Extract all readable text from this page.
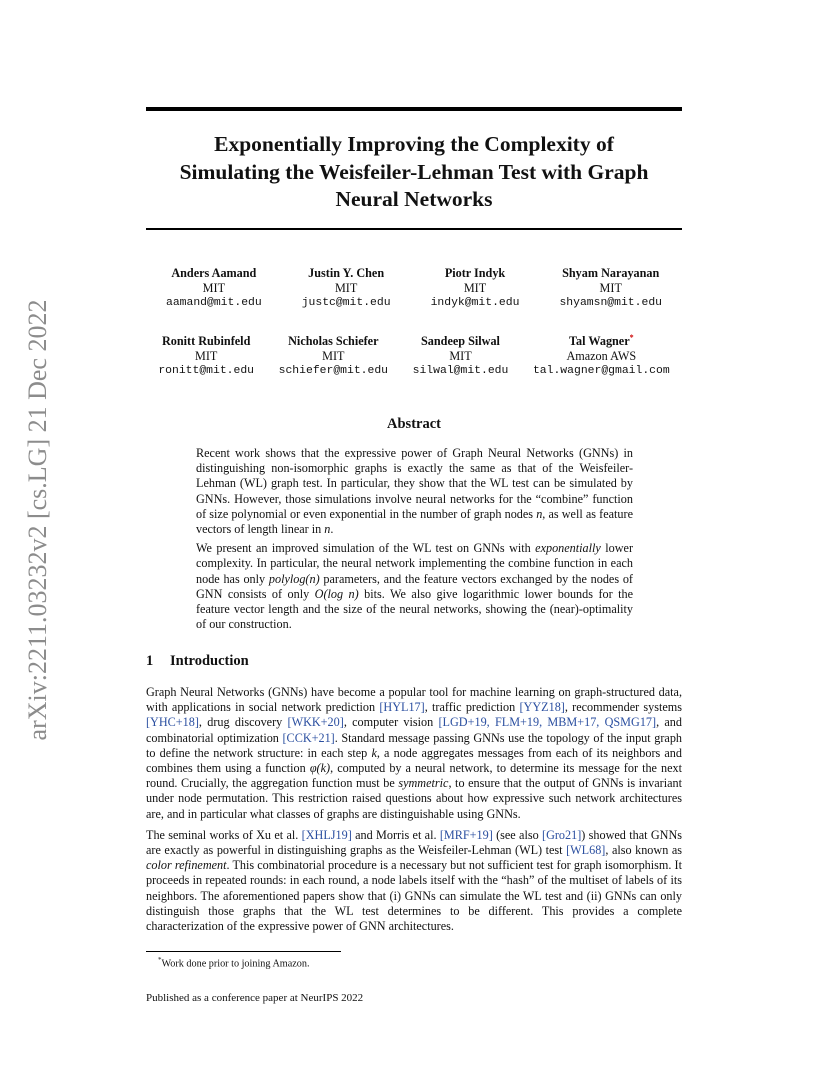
arXiv:2211.03232v2 [cs.LG] 21 Dec 2022
Exponentially Improving the Complexity of
Simulating the Weisfeiler-Lehman Test with Graph
Neural Networks
Anders Aamand
MIT
aamand@mit.edu
Justin Y. Chen
MIT
justc@mit.edu
Piotr Indyk
MIT
indyk@mit.edu
Shyam Narayanan
MIT
shyamsn@mit.edu
Ronitt Rubinfeld
MIT
ronitt@mit.edu
Nicholas Schiefer
MIT
schiefer@mit.edu
Sandeep Silwal
MIT
silwal@mit.edu
Tal Wagner*
Amazon AWS
tal.wagner@gmail.com
Abstract

Recent work shows that the expressive power of Graph Neural Networks (GNNs) in distinguishing non-isomorphic graphs is exactly the same as that of the Weisfeiler-Lehman (WL) graph test. In particular, they show that the WL test can be simulated by GNNs. However, those simulations involve neural networks for the “combine” function of size polynomial or even exponential in the number of graph nodes n, as well as feature vectors of length linear in n.

We present an improved simulation of the WL test on GNNs with exponentially lower complexity. In particular, the neural network implementing the combine function in each node has only polylog(n) parameters, and the feature vectors exchanged by the nodes of GNN consists of only O(log n) bits. We also give logarithmic lower bounds for the feature vector length and the size of the neural networks, showing the (near)-optimality of our construction.

1 Introduction

Graph Neural Networks (GNNs) have become a popular tool for machine learning on graph-structured data, with applications in social network prediction [HYL17], traffic prediction [YYZ18], recommender systems [YHC+18], drug discovery [WKK+20], computer vision [LGD+19, FLM+19, MBM+17, QSMG17], and combinatorial optimization [CCK+21]. Standard message passing GNNs use the topology of the input graph to define the network structure: in each step k, a node aggregates messages from each of its neighbors and combines them using a function φ(k), computed by a neural network, to determine its message for the next round. Crucially, the aggregation function must be symmetric, to ensure that the output of GNNs is invariant under node permutation. This restriction raised questions about how expressive such network architectures are, and in particular what classes of graphs are distinguishable using GNNs.

The seminal works of Xu et al. [XHLJ19] and Morris et al. [MRF+19] (see also [Gro21]) showed that GNNs are exactly as powerful in distinguishing graphs as the Weisfeiler-Lehman (WL) test [WL68], also known as color refinement. This combinatorial procedure is a necessary but not sufficient test for graph isomorphism. It proceeds in repeated rounds: in each round, a node labels itself with the “hash” of the multiset of labels of its neighbors. The aforementioned papers show that (i) GNNs can simulate the WL test and (ii) GNNs can only distinguish those graphs that the WL test determines to be different. This provides a complete characterization of the expressive power of GNN architectures.

*Work done prior to joining Amazon.
Published as a conference paper at NeurIPS 2022
